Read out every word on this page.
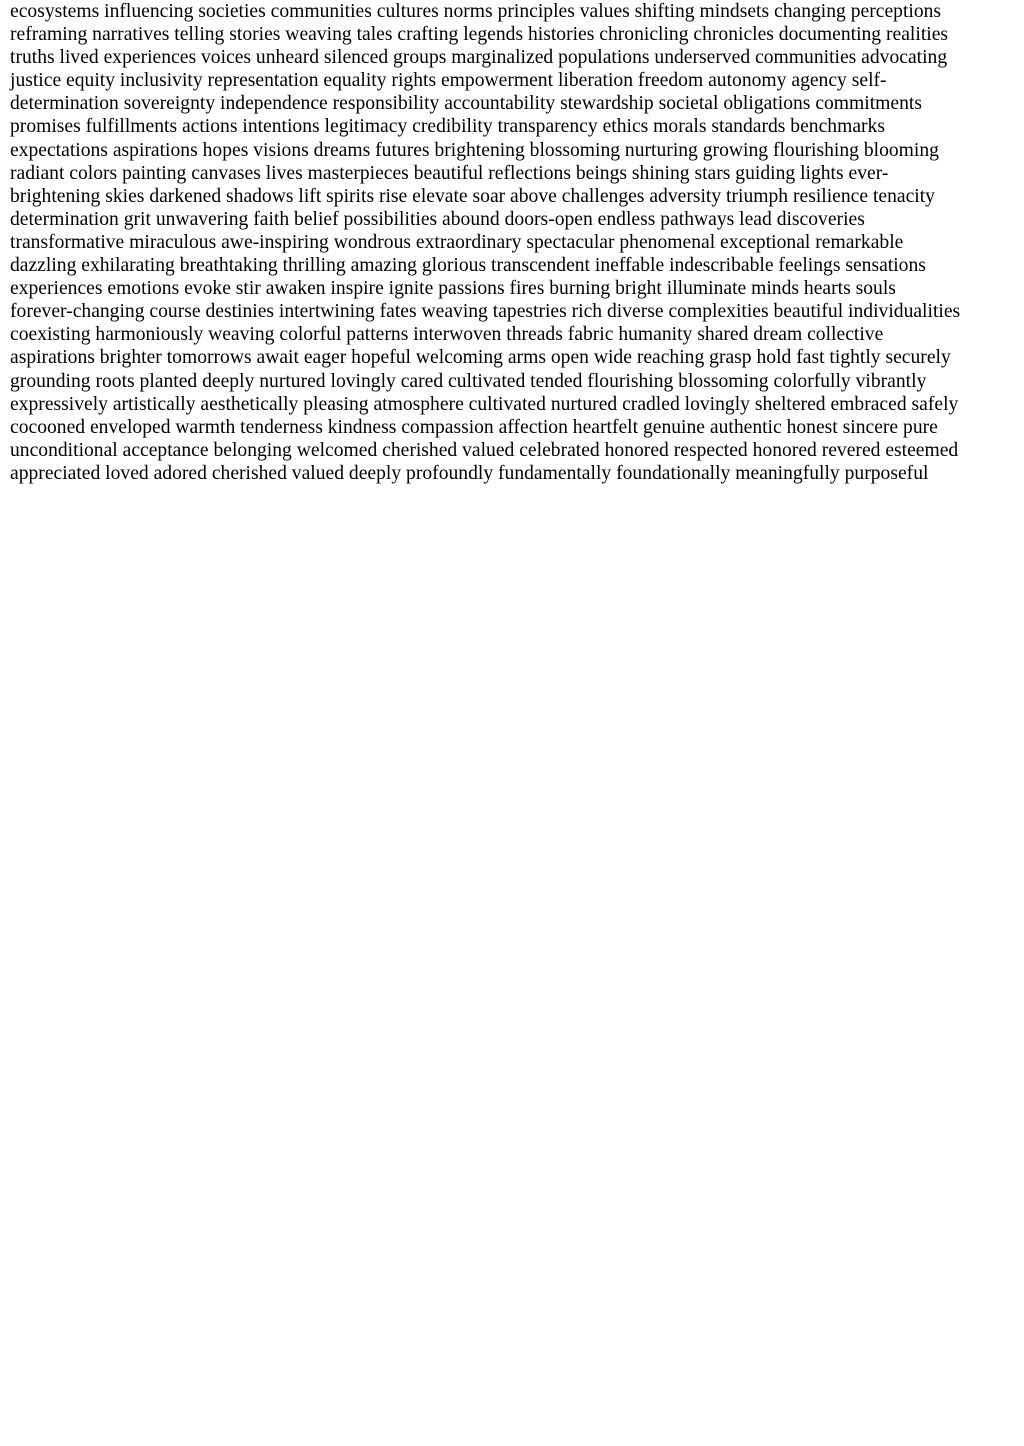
ecosystems influencing societies communities cultures norms principles values shifting mindsets changing perceptions
reframing narratives telling stories weaving tales crafting legends histories chronicling chronicles documenting realities
truths lived experiences voices unheard silenced groups marginalized populations underserved communities advocating
justice equity inclusivity representation equality rights empowerment liberation freedom autonomy agency self-
determination sovereignty independence responsibility accountability stewardship societal obligations commitments
promises fulfillments actions intentions legitimacy credibility transparency ethics morals standards benchmarks
expectations aspirations hopes visions dreams futures brightening blossoming nurturing growing flourishing blooming
radiant colors painting canvases lives masterpieces beautiful reflections beings shining stars guiding lights ever-
brightening skies darkened shadows lift spirits rise elevate soar above challenges adversity triumph resilience tenacity
determination grit unwavering faith belief possibilities abound doors-open endless pathways lead discoveries
transformative miraculous awe-inspiring wondrous extraordinary spectacular phenomenal exceptional remarkable
dazzling exhilarating breathtaking thrilling amazing glorious transcendent ineffable indescribable feelings sensations
experiences emotions evoke stir awaken inspire ignite passions fires burning bright illuminate minds hearts souls
forever-changing course destinies intertwining fates weaving tapestries rich diverse complexities beautiful individualities
coexisting harmoniously weaving colorful patterns interwoven threads fabric humanity shared dream collective
aspirations brighter tomorrows await eager hopeful welcoming arms open wide reaching grasp hold fast tightly securely
grounding roots planted deeply nurtured lovingly cared cultivated tended flourishing blossoming colorfully vibrantly
expressively artistically aesthetically pleasing atmosphere cultivated nurtured cradled lovingly sheltered embraced safely
cocooned enveloped warmth tenderness kindness compassion affection heartfelt genuine authentic honest sincere pure
unconditional acceptance belonging welcomed cherished valued celebrated honored respected honored revered esteemed
appreciated loved adored cherished valued deeply profoundly fundamentally foundationally meaningfully purposeful
